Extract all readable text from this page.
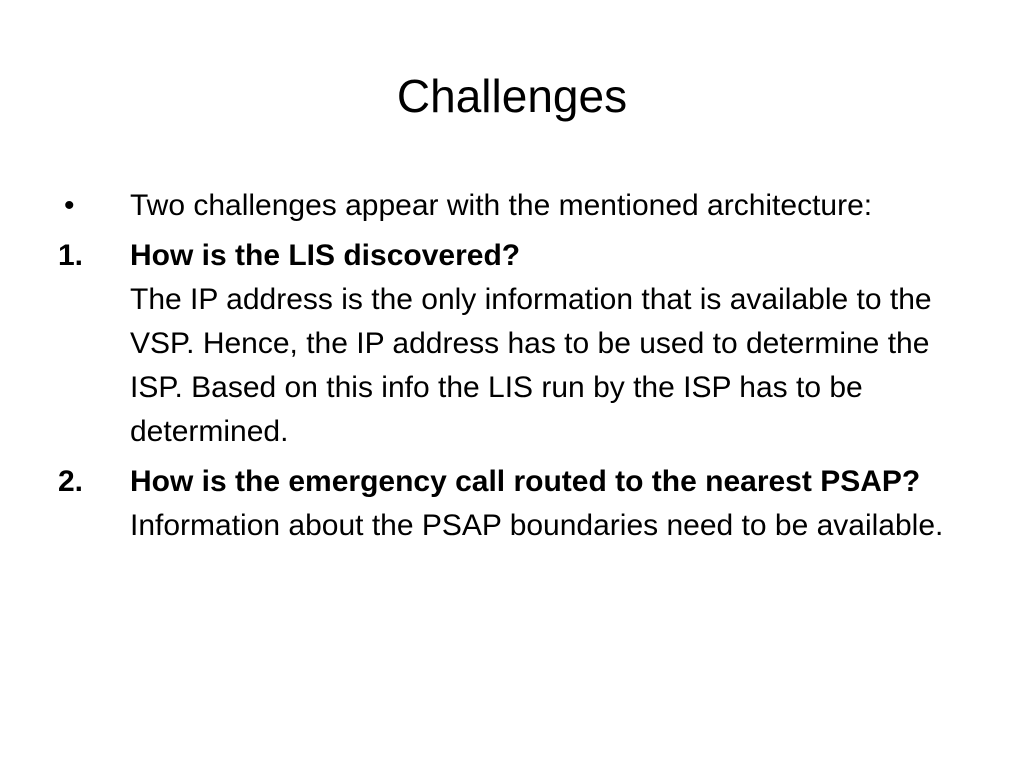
Challenges
•	Two challenges appear with the mentioned architecture:
1.	How is the LIS discovered?
The IP address is the only information that is available to the VSP. Hence, the IP address has to be used to determine the ISP. Based on this info the LIS run by the ISP has to be determined.
2.	How is the emergency call routed to the nearest PSAP?
Information about the PSAP boundaries need to be available.
